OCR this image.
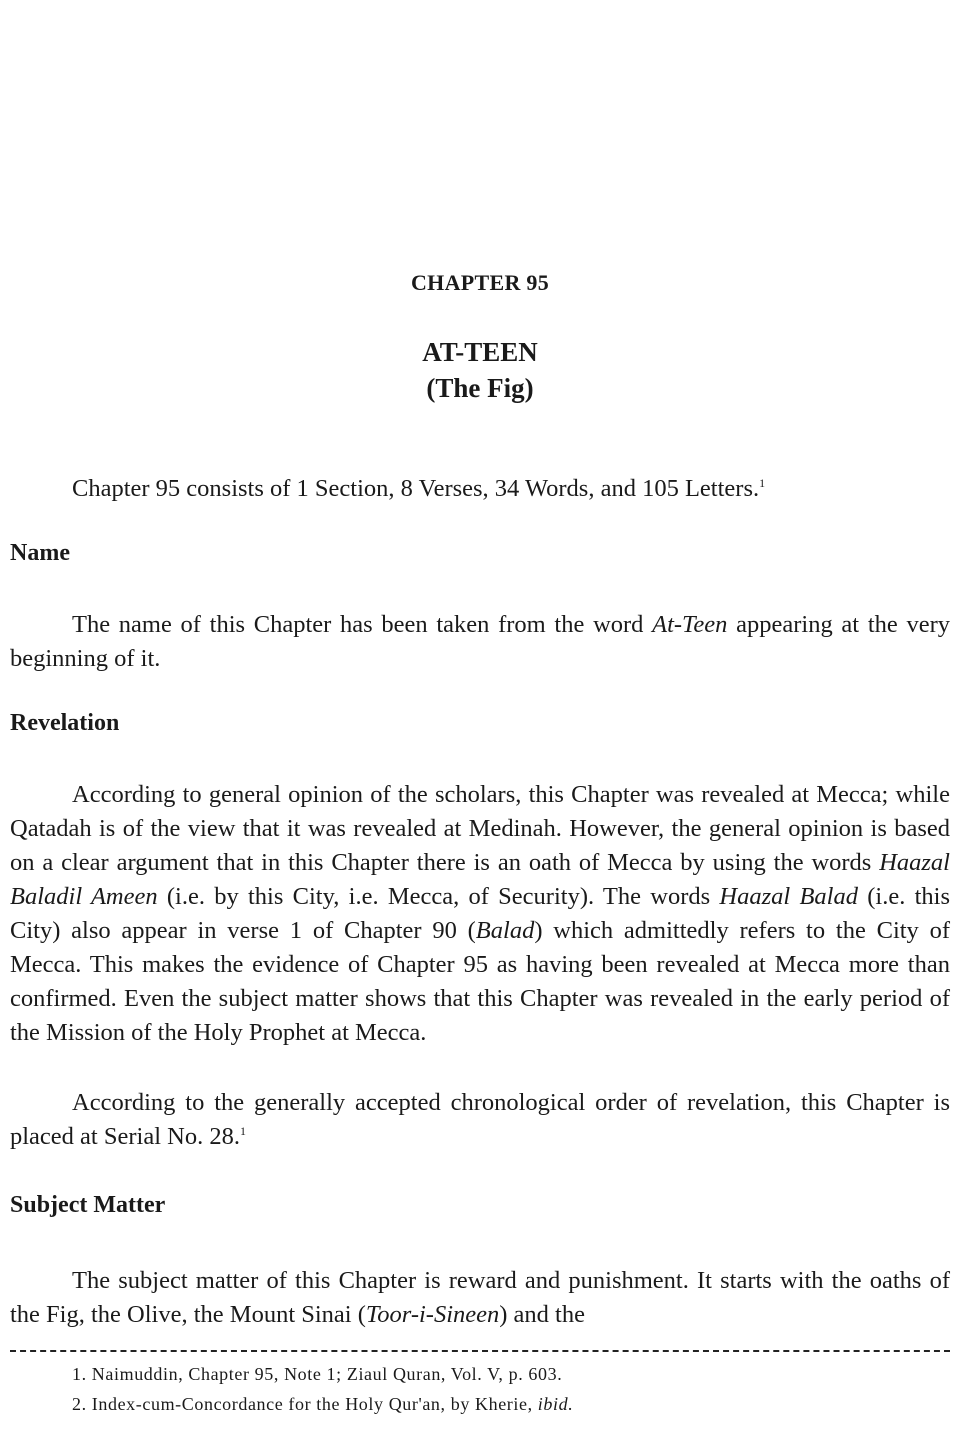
CHAPTER 95
AT-TEEN
(The Fig)

Chapter 95 consists of 1 Section, 8 Verses, 34 Words, and 105 Letters.$^1$

Name

The name of this Chapter has been taken from the word At-Teen appearing at the very beginning of it.

Revelation

According to general opinion of the scholars, this Chapter was revealed at Mecca; while Qatadah is of the view that it was revealed at Medinah. However, the general opinion is based on a clear argument that in this Chapter there is an oath of Mecca by using the words Haazal Baladil Ameen (i.e. by this City, i.e. Mecca, of Security). The words Haazal Balad (i.e. this City) also appear in verse 1 of Chapter 90 (Balad) which admittedly refers to the City of Mecca. This makes the evidence of Chapter 95 as having been revealed at Mecca more than confirmed. Even the subject matter shows that this Chapter was revealed in the early period of the Mission of the Holy Prophet at Mecca.

According to the generally accepted chronological order of revelation, this Chapter is placed at Serial No. 28.$^1$

Subject Matter

The subject matter of this Chapter is reward and punishment. It starts with the oaths of the Fig, the Olive, the Mount Sinai (Toor-i-Sineen) and the

1. Naimuddin, Chapter 95, Note 1; Ziaul Quran, Vol. V, p. 603.

2. Index-cum-Concordance for the Holy Qur'an, by Kherie, ibid.
